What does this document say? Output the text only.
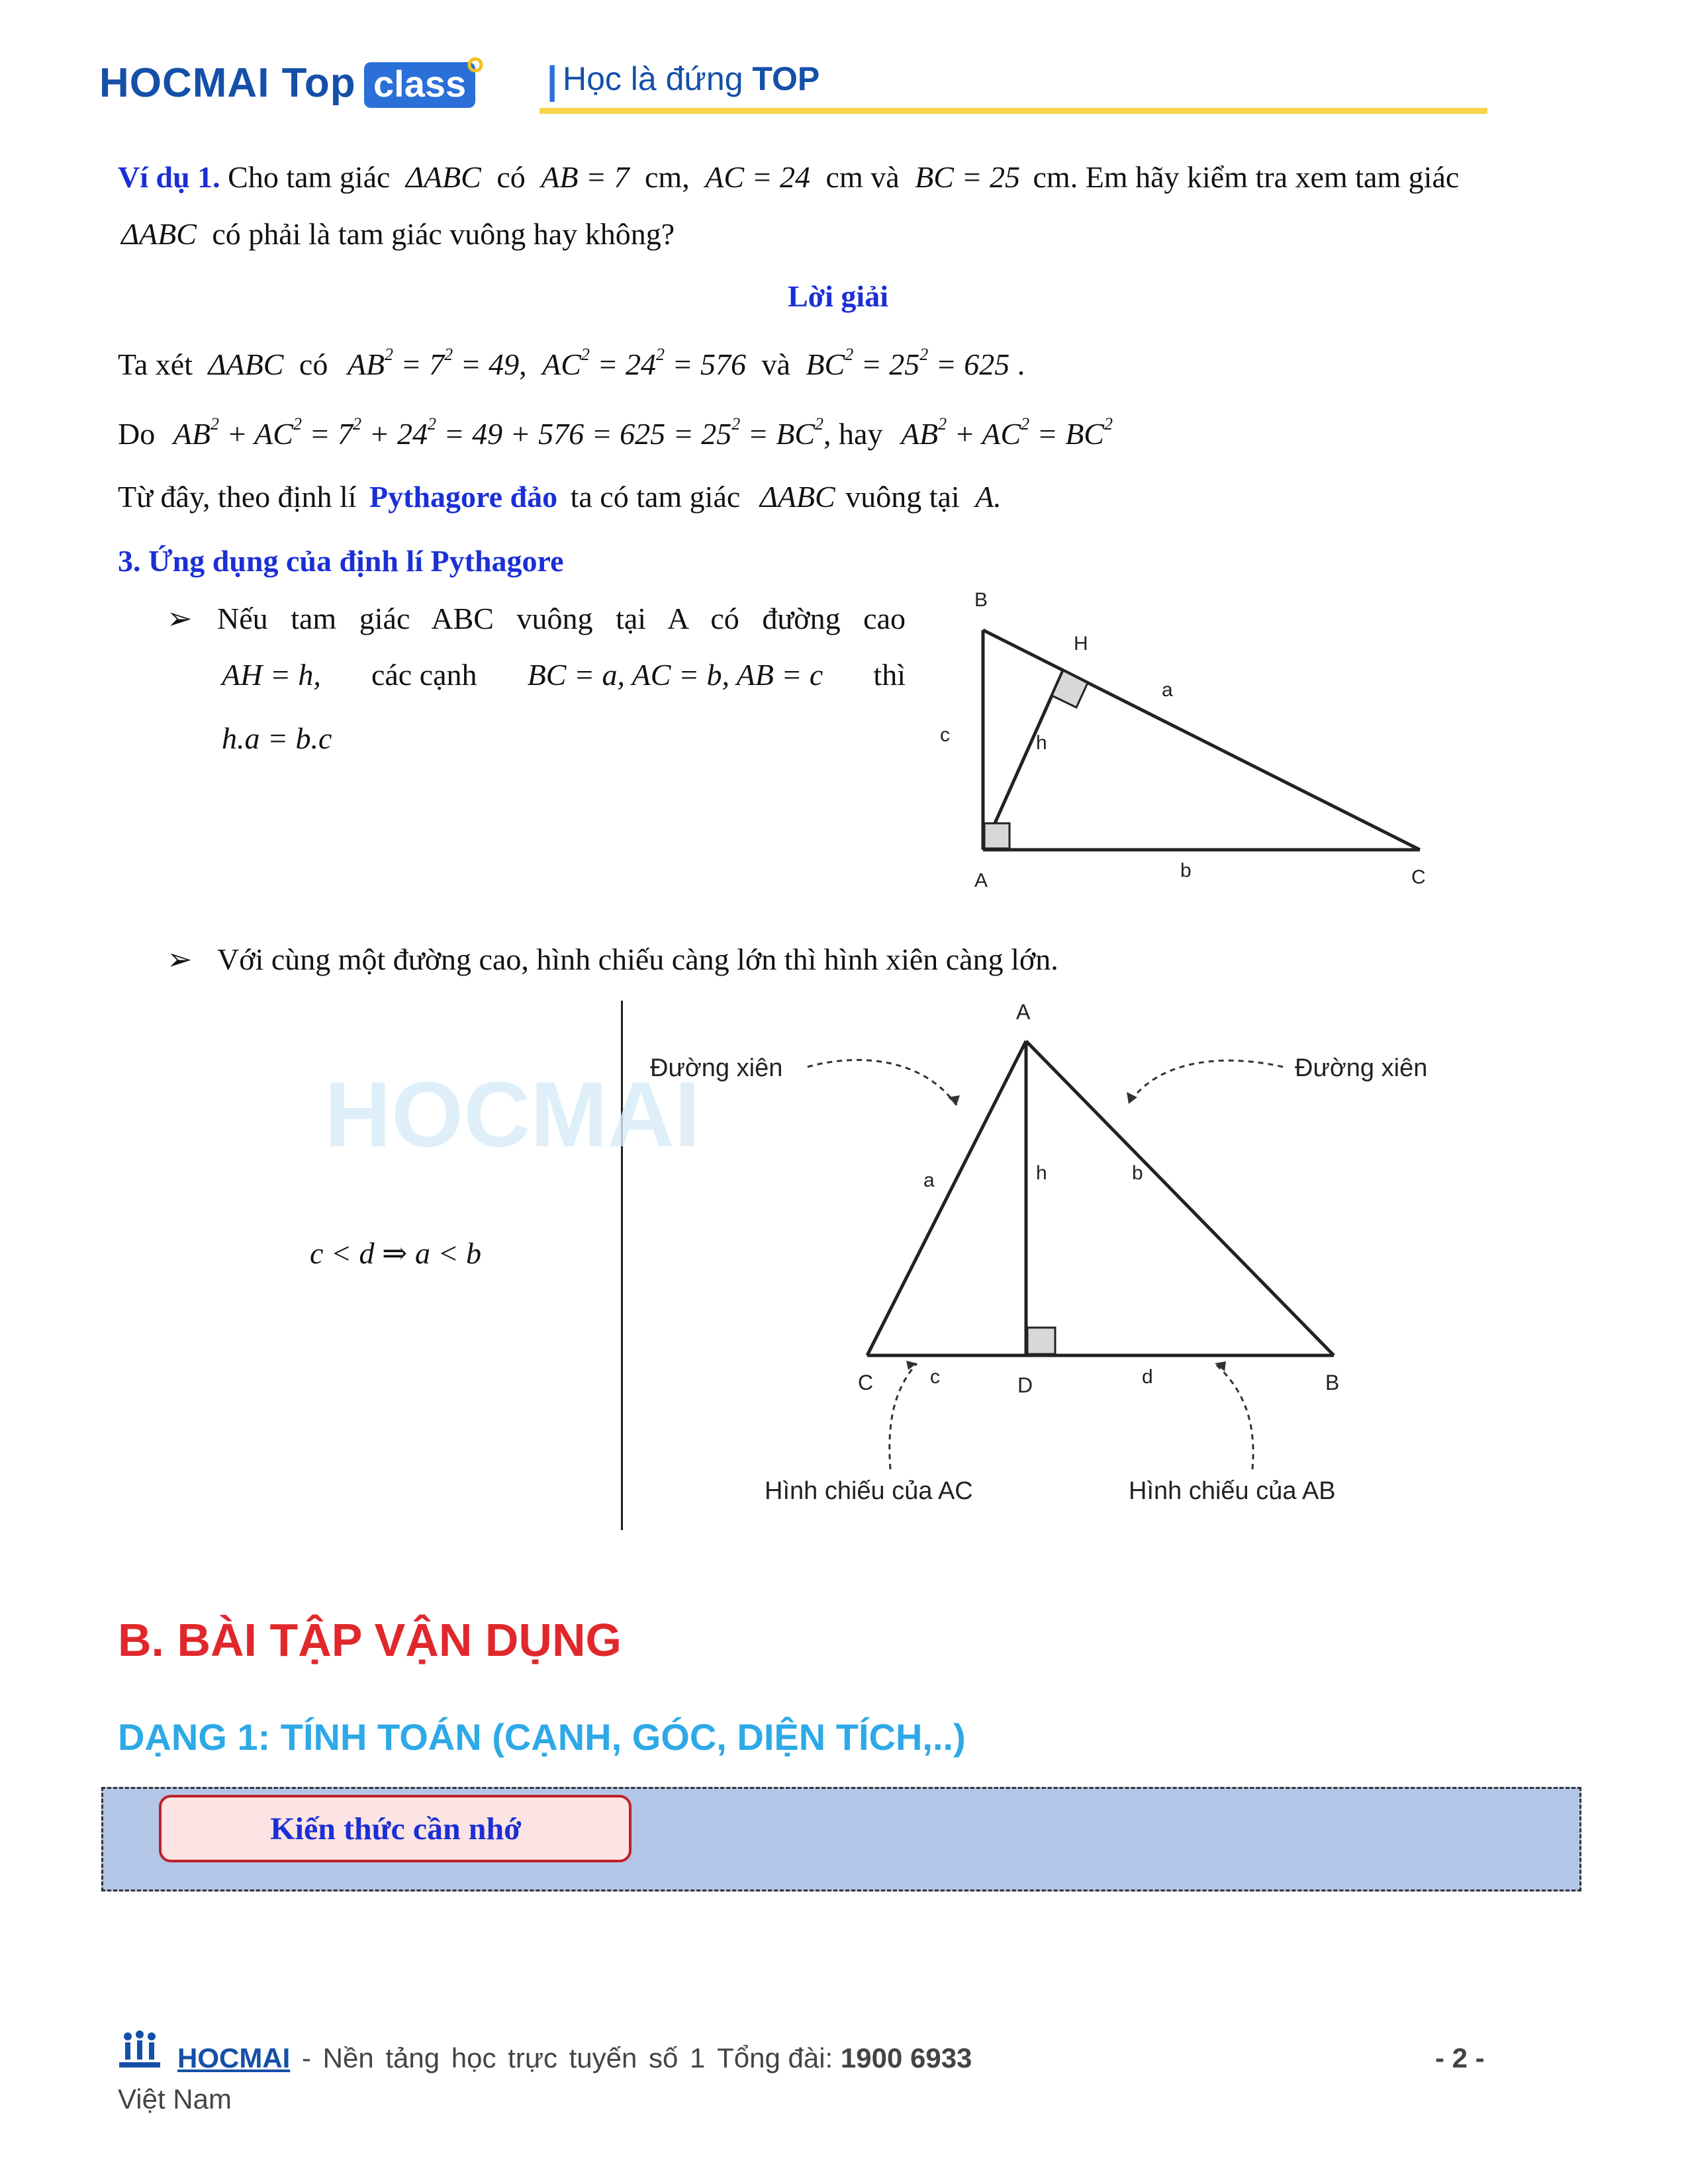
HOCMAI Top class | Học là đứng TOP
Ví dụ 1. Cho tam giác ΔABC có AB = 7 cm, AC = 24 cm và BC = 25 cm. Em hãy kiểm tra xem tam giác
ΔABC có phải là tam giác vuông hay không?
Lời giải
Ta xét ΔABC có $AB^2 = 7^2 = 49$, $AC^2 = 24^2 = 576$ và $BC^2 = 25^2 = 625$ .
Do $AB^2 + AC^2 = 7^2 + 24^2 = 49 + 576 = 625 = 25^2 = BC^2$, hay $AB^2 + AC^2 = BC^2$
Từ đây, theo định lí Pythagore đảo ta có tam giác ΔABC vuông tại A.
3. Ứng dụng của định lí Pythagore
➢ Nếu tam giác ABC vuông tại A có đường cao
AH = h, các cạnh BC = a, AC = b, AB = c thì
h.a = b.c
B
H
a
c	h
A	b	C
➢ Với cùng một đường cao, hình chiếu càng lớn thì hình xiên càng lớn.
c < d ⇒ a < b
HOCMAI
A
Đường xiên	Đường xiên
a	h	b
C	c	D	d	B
Hình chiếu của AC	Hình chiếu của AB
B. BÀI TẬP VẬN DỤNG
DẠNG 1: TÍNH TOÁN (CẠNH, GÓC, DIỆN TÍCH,..)
Kiến thức cần nhớ
HOCMAI - Nền tảng học trực tuyến số 1 Tổng đài: 1900 6933
Việt Nam
- 2 -
